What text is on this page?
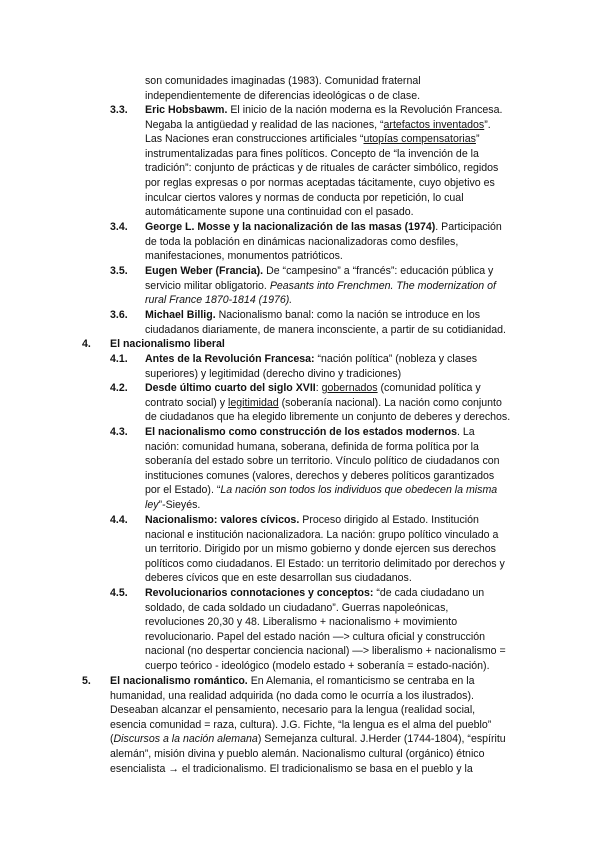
son comunidades imaginadas (1983). Comunidad fraternal
independientemente de diferencias ideológicas o de clase.
3.3. Eric Hobsbawm. El inicio de la nación moderna es la Revolución Francesa.
Negaba la antigüedad y realidad de las naciones, “artefactos inventados”.
Las Naciones eran construcciones artificiales “utopías compensatorias”
instrumentalizadas para fines políticos. Concepto de “la invención de la
tradición”: conjunto de prácticas y de rituales de carácter simbólico, regidos
por reglas expresas o por normas aceptadas tácitamente, cuyo objetivo es
inculcar ciertos valores y normas de conducta por repetición, lo cual
automáticamente supone una continuidad con el pasado.
3.4. George L. Mosse y la nacionalización de las masas (1974). Participación
de toda la población en dinámicas nacionalizadoras como desfiles,
manifestaciones, monumentos patrióticos.
3.5. Eugen Weber (Francia). De “campesino” a “francés”: educación pública y
servicio militar obligatorio. Peasants into Frenchmen. The modernization of
rural France 1870-1814 (1976).
3.6. Michael Billig. Nacionalismo banal: como la nación se introduce en los
ciudadanos diariamente, de manera inconsciente, a partir de su cotidianidad.
4. El nacionalismo liberal
4.1. Antes de la Revolución Francesa: “nación política” (nobleza y clases
superiores) y legitimidad (derecho divino y tradiciones)
4.2. Desde último cuarto del siglo XVII: gobernados (comunidad política y
contrato social) y legitimidad (soberanía nacional). La nación como conjunto
de ciudadanos que ha elegido libremente un conjunto de deberes y derechos.
4.3. El nacionalismo como construcción de los estados modernos. La
nación: comunidad humana, soberana, definida de forma política por la
soberanía del estado sobre un territorio. Vínculo político de ciudadanos con
instituciones comunes (valores, derechos y deberes políticos garantizados
por el Estado). “La nación son todos los individuos que obedecen la misma
ley”-Sieyés.
4.4. Nacionalismo: valores cívicos. Proceso dirigido al Estado. Institución
nacional e institución nacionalizadora. La nación: grupo político vinculado a
un territorio. Dirigido por un mismo gobierno y donde ejercen sus derechos
políticos como ciudadanos. El Estado: un territorio delimitado por derechos y
deberes cívicos que en este desarrollan sus ciudadanos.
4.5. Revolucionarios connotaciones y conceptos: “de cada ciudadano un
soldado, de cada soldado un ciudadano”. Guerras napoleónicas,
revoluciones 20,30 y 48. Liberalismo + nacionalismo + movimiento
revolucionario. Papel del estado nación —> cultura oficial y construcción
nacional (no despertar conciencia nacional) —> liberalismo + nacionalismo =
cuerpo teórico - ideológico (modelo estado + soberanía = estado-nación).
5. El nacionalismo romántico. En Alemania, el romanticismo se centraba en la
humanidad, una realidad adquirida (no dada como le ocurría a los ilustrados).
Deseaban alcanzar el pensamiento, necesario para la lengua (realidad social,
esencia comunidad = raza, cultura). J.G. Fichte, “la lengua es el alma del pueblo”
(Discursos a la nación alemana) Semejanza cultural. J.Herder (1744-1804), “espíritu
alemán”, misión divina y pueblo alemán. Nacionalismo cultural (orgánico) étnico
esencialista → el tradicionalismo. El tradicionalismo se basa en el pueblo y la
